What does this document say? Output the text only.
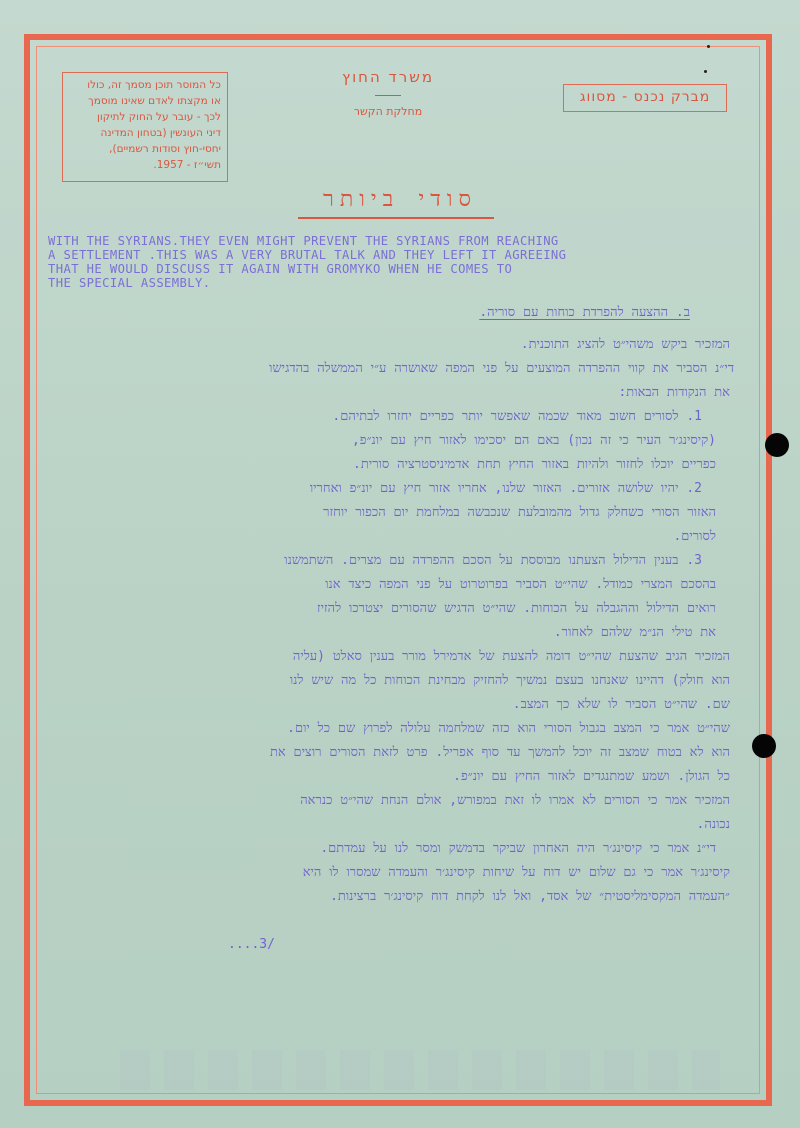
כל המוסר תוכן מסמך זה, כולו
או מקצתו לאדם שאינו מוסמך
לכך - עובר על החוק לתיקון
דיני העונשין (בטחון המדינה
יחסי-חוץ וסודות רשמיים),
תשי״ז - 1957.
משרד החוץ
מחלקת הקשר
מברק נכנס - מסווג
סודי ביותר
WITH THE SYRIANS.THEY EVEN MIGHT PREVENT THE SYRIANS FROM REACHING
A SETTLEMENT .THIS WAS A VERY BRUTAL TALK AND THEY LEFT IT AGREEING
THAT HE WOULD DISCUSS IT AGAIN WITH GROMYKO WHEN HE COMES TO
THE SPECIAL ASSEMBLY.
ב. ההצעה להפרדת כוחות עם סוריה.
המזכיר ביקש משהי״ט להציג התוכנית.
די״נ הסביר את קווי ההפרדה המוצעים על פני המפה שאושרה ע״י הממשלה בהדגישו
את הנקודות הבאות:
1. לסורים חשוב מאוד שכמה שאפשר יותר כפריים יחזרו לבתיהם.
(קיסינג׳ר העיר כי זה נכון) באם הם יסכימו לאזור חיץ עם יונ״פ,
כפריים יוכלו לחזור ולהיות באזור החיץ תחת אדמיניסטרציה סורית.
2. יהיו שלושה אזורים. האזור שלנו, אחריו אזור חיץ עם יונ״פ ואחריו
האזור הסורי כשחלק גדול מהמובלעת שנכבשה במלחמת יום הכפור יוחזר
לסורים.
3. בענין הדילול הצעתנו מבוססת על הסכם ההפרדה עם מצרים. השתמשנו
בהסכם המצרי כמודל. שהי״ט הסביר בפרוטרוט על פני המפה כיצד אנו
רואים הדילול וההגבלה על הכוחות. שהי״ט הדגיש שהסורים יצטרכו להזיז
את טילי הנ״מ שלהם לאחור.
המזכיר הגיב שהצעת שהי״ט דומה להצעת של אדמירל מורר בענין סאלט (עליה
הוא חולק) דהיינו שאנחנו בעצם נמשיך להחזיק מבחינת הכוחות כל מה שיש לנו
שם. שהי״ט הסביר לו שלא כך המצב.
שהי״ט אמר כי המצב בגבול הסורי הוא כזה שמלחמה עלולה לפרוץ שם כל יום.
הוא לא בטוח שמצב זה יוכל להמשך עד סוף אפריל. פרט לזאת הסורים רוצים את
כל הגולן. ושמע שמתנגדים לאזור החיץ עם יונ״פ.
המזכיר אמר כי הסורים לא אמרו לו זאת במפורש, אולם הנחת שהי״ט כנראה
נכונה.
די״נ אמר כי קיסינג׳ר היה האחרון שביקר בדמשק ומסר לנו על עמדתם.
קיסינג׳ר אמר כי גם שלום יש דוח על שיחות קיסינג׳ר והעמדה שמסרו לו היא
״העמדה המקסימליסטית״ של אסד, ואל לנו לקחת דוח קיסינג׳ר ברצינות.
....3/
